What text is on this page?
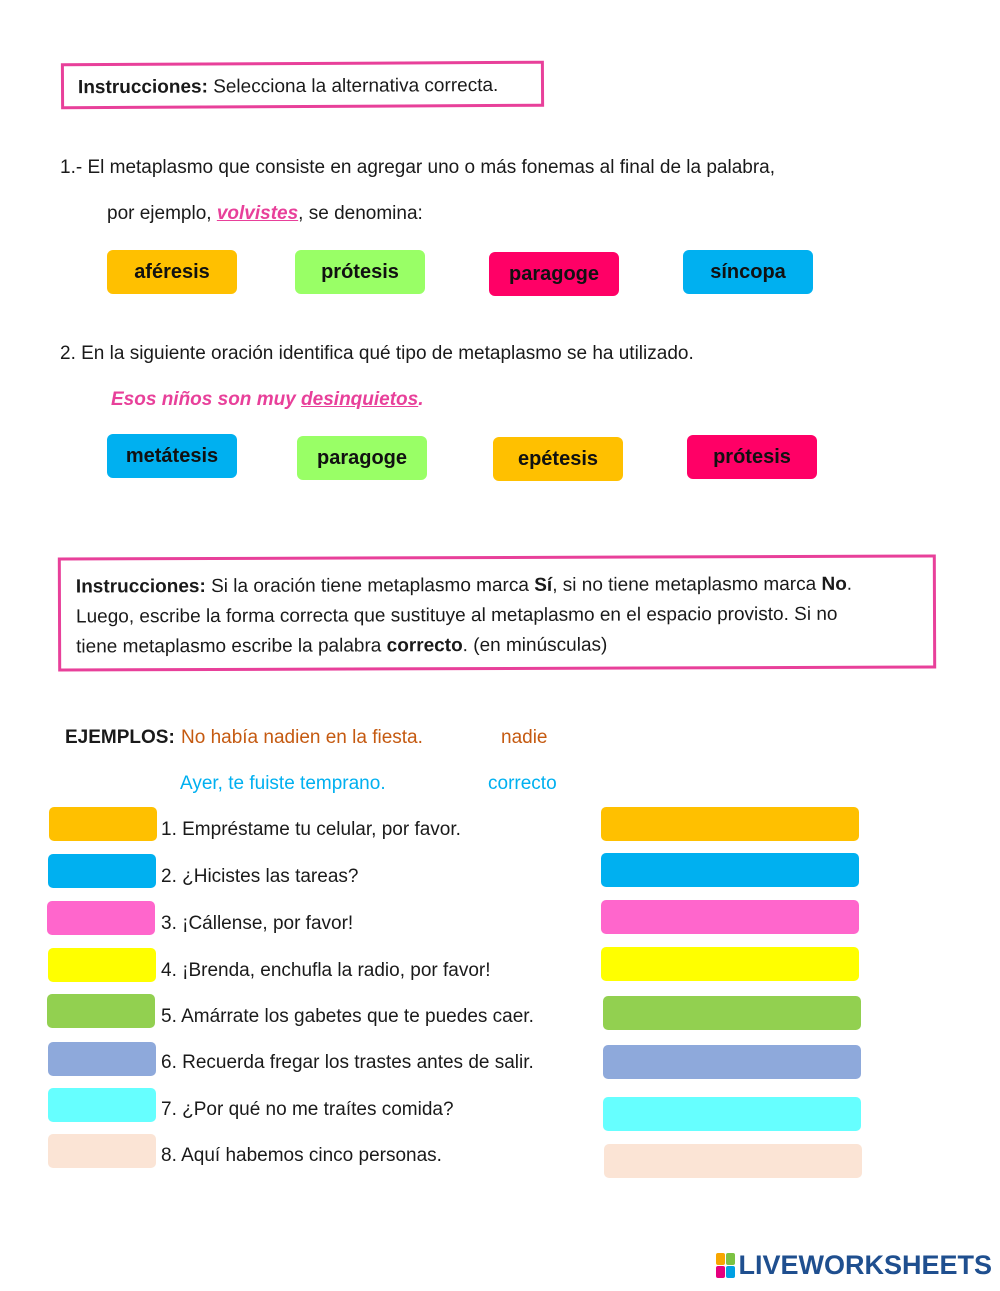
Instrucciones: Selecciona la alternativa correcta.
1.- El metaplasmo que consiste en agregar uno o más fonemas al final de la palabra,
por ejemplo, volvistes, se denomina:
aféresis	prótesis	paragoge	síncopa
2. En la siguiente oración identifica qué tipo de metaplasmo se ha utilizado.
Esos niños son muy desinquietos.
metátesis	paragoge	epétesis	prótesis
Instrucciones: Si la oración tiene metaplasmo marca Sí, si no tiene metaplasmo marca No.
Luego, escribe la forma correcta que sustituye al metaplasmo en el espacio provisto. Si no
tiene metaplasmo escribe la palabra correcto. (en minúsculas)
EJEMPLOS: No había nadien en la fiesta.	nadie
Ayer, te fuiste temprano.	correcto
1. Empréstame tu celular, por favor.
2. ¿Hicistes las tareas?
3. ¡Cállense, por favor!
4. ¡Brenda, enchufla la radio, por favor!
5. Amárrate los gabetes que te puedes caer.
6. Recuerda fregar los trastes antes de salir.
7. ¿Por qué no me traítes comida?
8. Aquí habemos cinco personas.
LIVEWORKSHEETS
